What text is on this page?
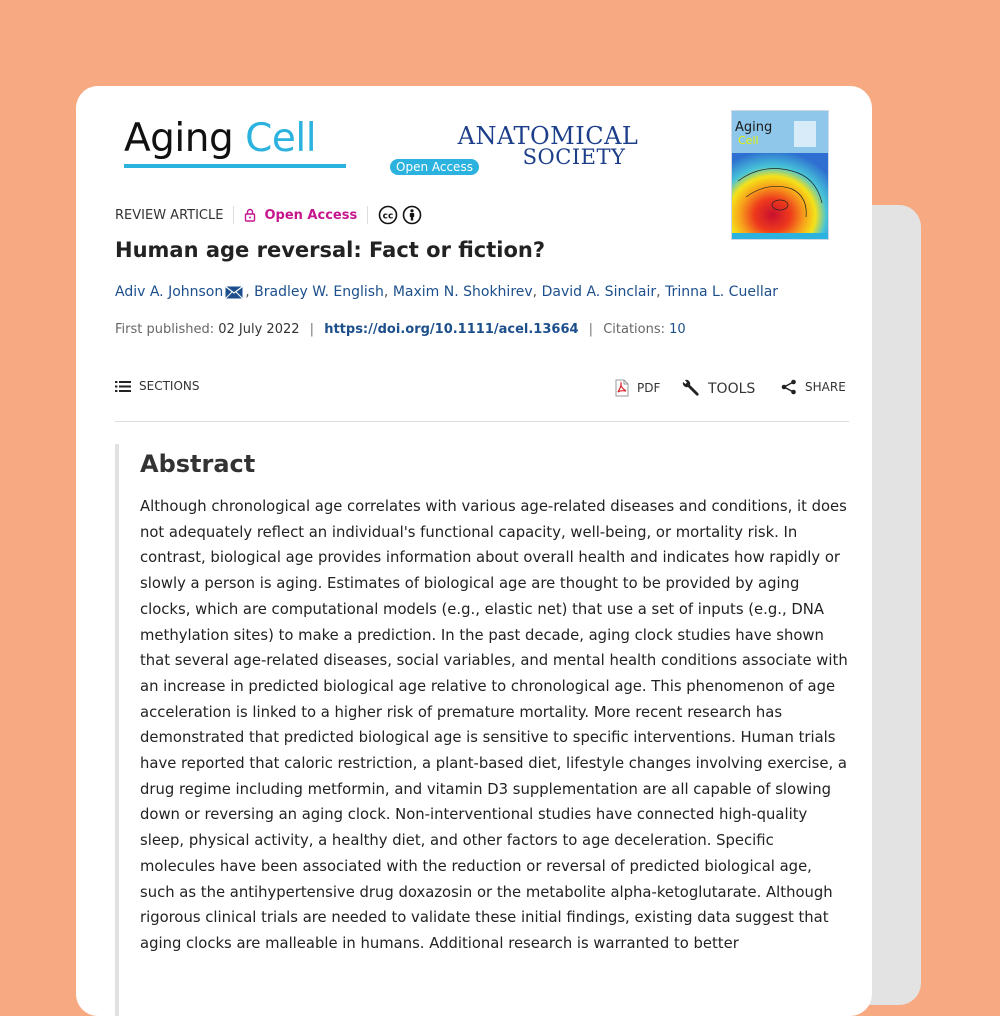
Aging Cell
Open Access
ANATOMICAL
SOCIETY
Aging
Cell
REVIEW ARTICLE	Open Access	cc
Human age reversal: Fact or fiction?
Adiv A. Johnson ,
Bradley W. English ,
Maxim N. Shokhirev ,
David A. Sinclair ,
Trinna L. Cuellar
First published: 02 July 2022 | https://doi.org/10.1111/acel.13664 | Citations: 10
SECTIONS	PDF	TOOLS	SHARE
Abstract

Although chronological age correlates with various age-related diseases and conditions, it does not adequately reflect an individual's functional capacity, well-being, or mortality risk. In contrast, biological age provides information about overall health and indicates how rapidly or slowly a person is aging. Estimates of biological age are thought to be provided by aging clocks, which are computational models (e.g., elastic net) that use a set of inputs (e.g., DNA methylation sites) to make a prediction. In the past decade, aging clock studies have shown that several age-related diseases, social variables, and mental health conditions associate with an increase in predicted biological age relative to chronological age. This phenomenon of age acceleration is linked to a higher risk of premature mortality. More recent research has demonstrated that predicted biological age is sensitive to specific interventions. Human trials have reported that caloric restriction, a plant-based diet, lifestyle changes involving exercise, a drug regime including metformin, and vitamin D3 supplementation are all capable of slowing down or reversing an aging clock. Non-interventional studies have connected high-quality sleep, physical activity, a healthy diet, and other factors to age deceleration. Specific molecules have been associated with the reduction or reversal of predicted biological age, such as the antihypertensive drug doxazosin or the metabolite alpha-ketoglutarate. Although rigorous clinical trials are needed to validate these initial findings, existing data suggest that aging clocks are malleable in humans. Additional research is warranted to better
